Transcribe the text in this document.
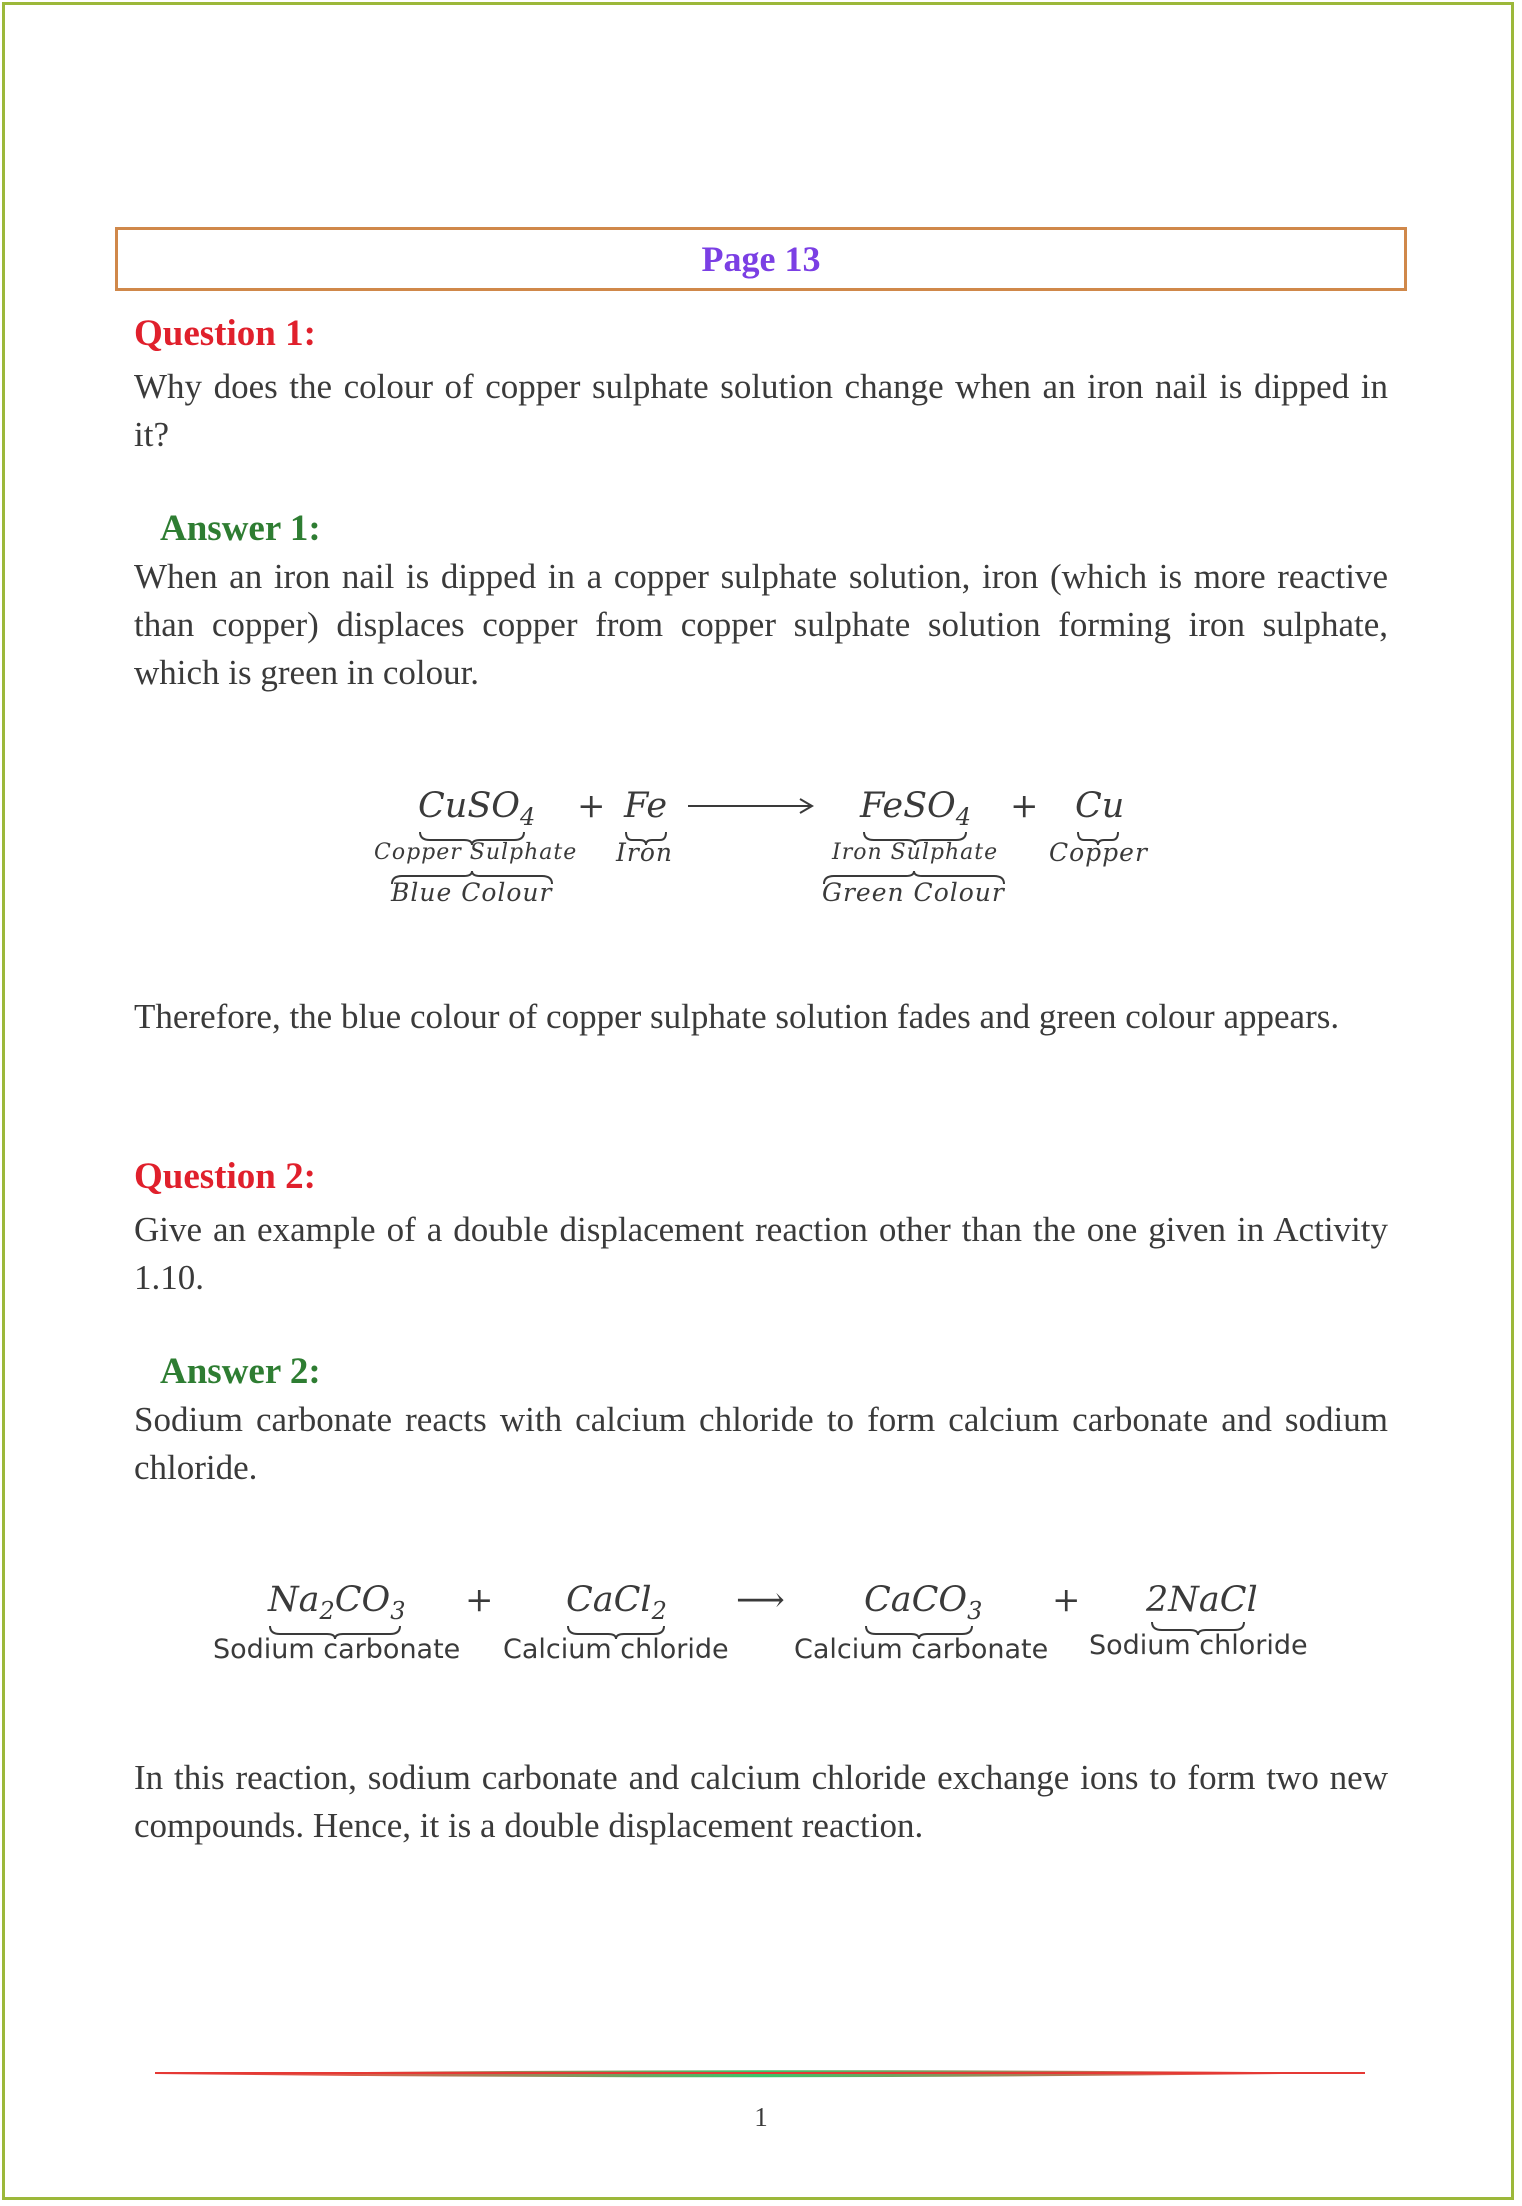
Page 13
Question 1:
Why does the colour of copper sulphate solution change when an iron nail is dipped in it?
Answer 1:
When an iron nail is dipped in a copper sulphate solution, iron (which is more reactive than copper) displaces copper from copper sulphate solution forming iron sulphate, which is green in colour.
CuSO$_4$
Copper Sulphate
Blue Colour
+ Fe
Iron
FeSO$_4$
Iron Sulphate
Green Colour
+ Cu
Copper
Therefore, the blue colour of copper sulphate solution fades and green colour appears.
Question 2:
Give an example of a double displacement reaction other than the one given in Activity 1.10.
Answer 2:
Sodium carbonate reacts with calcium chloride to form calcium carbonate and sodium chloride.
$Na_2CO_3$
Sodium carbonate
+ CaCl$_2$
Calcium chloride
⟶ CaCO$_3$
Calcium carbonate
+ 2NaCl
Sodium chloride
In this reaction, sodium carbonate and calcium chloride exchange ions to form two new compounds. Hence, it is a double displacement reaction.
1
